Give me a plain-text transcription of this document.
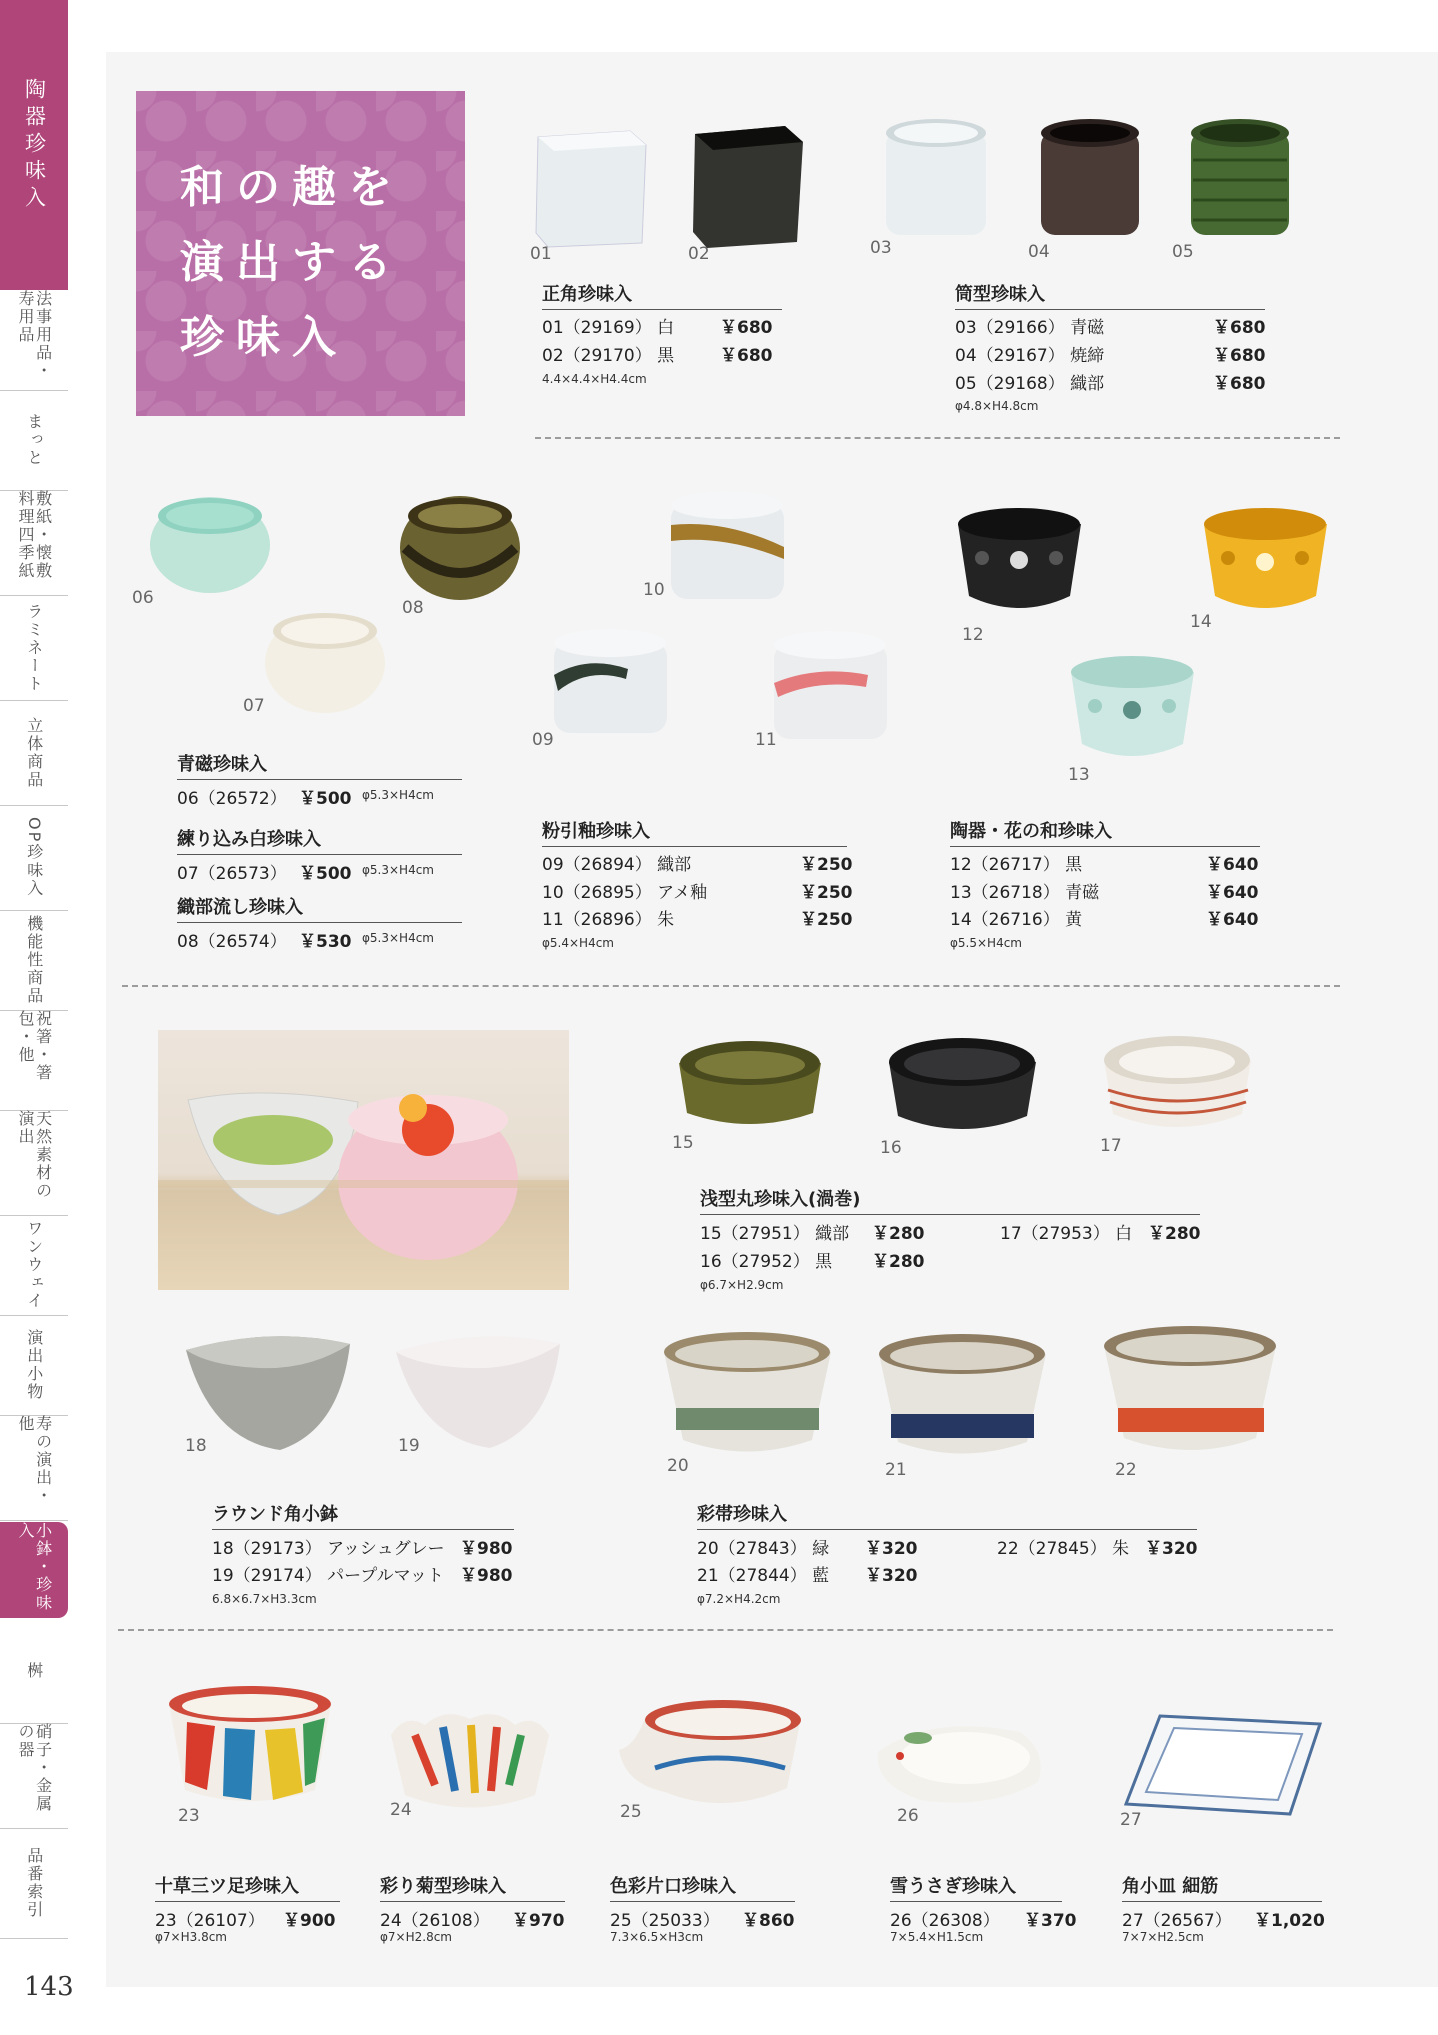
陶器珍味入
法事用品・寿用品
まっと
敷紙・懐敷料理四季紙
ラミネート
立体商品
OP珍味入
機能性商品
祝箸・箸包・他
天然素材の演出
ワンウェイ
演出小物
寿の演出・他
小鉢・珍味入
桝
硝子・金属の器
品番索引
143
和の趣を
演出する
珍味入
01	02	03	04	05
正角珍味入
01（29169） 白	￥680
02（29170） 黒	￥680
4.4×4.4×H4.4cm
筒型珍味入
03（29166） 青磁	￥680
04（29167） 焼締	￥680
05（29168） 織部	￥680
φ4.8×H4.8cm
06
07
08
09
10
11
12
13
14
青磁珍味入
06（26572） ￥500 φ5.3×H4cm
練り込み白珍味入
07（26573） ￥500 φ5.3×H4cm
織部流し珍味入
08（26574） ￥530 φ5.3×H4cm
粉引釉珍味入
09（26894） 織部	￥250
10（26895） アメ釉	￥250
11（26896） 朱	￥250
φ5.4×H4cm
陶器・花の和珍味入
12（26717） 黒	￥640
13（26718） 青磁	￥640
14（26716） 黄	￥640
φ5.5×H4cm
15	16	17
浅型丸珍味入(渦巻)
15（27951） 織部 ￥280
16（27952） 黒 ￥280
17（27953） 白 ￥280
φ6.7×H2.9cm
18	19
20	21	22
ラウンド角小鉢
18（29173） アッシュグレー ￥980
19（29174） パープルマット ￥980
6.8×6.7×H3.3cm
彩帯珍味入
20（27843） 緑 ￥320
21（27844） 藍 ￥320
22（27845） 朱 ￥320
φ7.2×H4.2cm
23	24	25	26	27
十草三ツ足珍味入
23（26107） ￥900
φ7×H3.8cm
彩り菊型珍味入
24（26108） ￥970
φ7×H2.8cm
色彩片口珍味入
25（25033） ￥860
7.3×6.5×H3cm
雪うさぎ珍味入
26（26308） ￥370
7×5.4×H1.5cm
角小皿 細筋
27（26567） ￥1,020
7×7×H2.5cm
